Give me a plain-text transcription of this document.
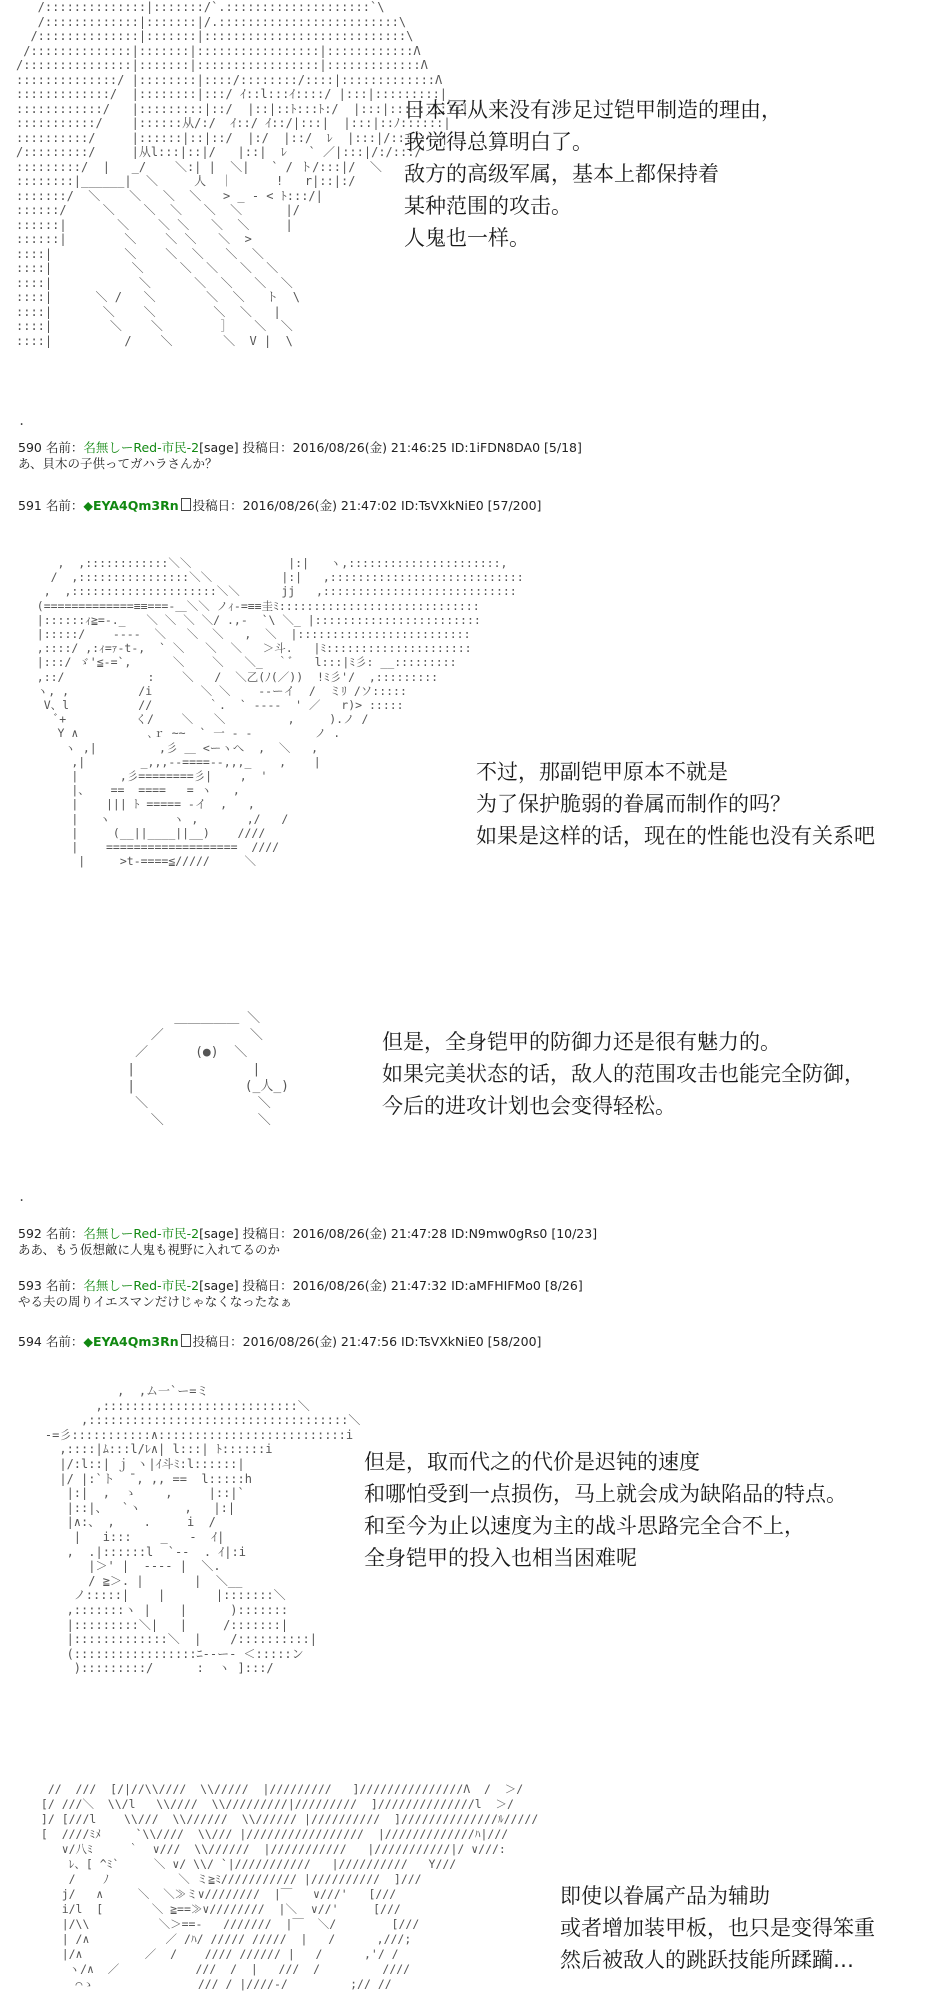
/::::::::::::::|:::::::/`.::::::::::::::::::::`\
/:::::::::::::|:::::::|/.:::::::::::::::::::::::::\
/::::::::::::::|:::::::|::::::::::::::::::::::::::::\
/::::::::::::::|:::::::|:::::::::::::::::|::::::::::::Λ
/:::::::::::::::|:::::::|:::::::::::::::::|:::::::::::::Λ
::::::::::::::/ |::::::::|::::/::::::::/::::|:::::::::::::Λ
:::::::::::::/  |::::::::|:::/ ｲ::l:::ｲ::::/ |:::|:::::::::|
::::::::::::/   |:::::::::|::/  |::|::ﾄ:::ﾄ:/  |:::|::::::::::|
:::::::::::/    |::::::从/:/  ｲ::/ ｲ::/|:::|  |:::|::ﾉ::::::|
::::::::::/     |::::::|::|::/  |:/  |::/  ﾚ  |:::|/:::/:::|
/:::::::::/     |从l:::|::|/   |::|  ﾚ   ` ／|:::|/:/:::/
:::::::::/  |   _/    ＼:| |  ＼|   ` / ト/:::|/  ＼
::::::::|______|  ＼     人  ｜      !   r|::|:/
:::::::/  ＼    ＼   ＼  ＼   > _ - < ﾄ:::/|
::::::/     ＼    ＼  ＼   ＼  ＼      |/
::::::|       ＼    ＼ ＼   ＼  ＼     |
::::::|        ＼    ＼ ＼   ＼  >
::::|          ＼    ＼  ＼   ＼  ＼
::::|           ＼     ＼  ＼   ＼  ＼
::::|            ＼      ＼  ＼   ＼  ＼
::::|      ＼ /   ＼       ＼  ＼   ト  \
::::|       ＼    ＼        ＼  ＼   |
::::|        ＼    ＼        ］   ＼  ＼
::::|          /    ＼       ＼  V |  \
日本军从来没有涉足过铠甲制造的理由，
我觉得总算明白了。
敌方的高级军属，基本上都保持着
某种范围的攻击。
人鬼也一样。
.
590 名前：名無しーRed-市民-2[sage] 投稿日：2016/08/26(金) 21:46:25 ID:1iFDN8DA0 [5/18]
あ、貝木の子供ってガハラさんか？
591 名前：◆EYA4Qm3Rn 投稿日：2016/08/26(金) 21:47:02 ID:TsVXkNiE0 [57/200]
,  ,::::::::::::＼＼              |:|   ヽ,::::::::::::::::::::::,
/  ,::::::::::::::::＼＼          |:|   ,::::::::::::::::::::::::::::
,  ,:::::::::::::::::::::＼＼      jj   ,::::::::::::::::::::::::::::
(=============≡≡===-＿＼＼ ノｨ-=≡≡圭ﾐ:::::::::::::::::::::::::::::
|::::::ｨ≧=-._   ＼ ＼ ＼ ＼/ .,-  `\ ＼_ |::::::::::::::::::::::::
|:::::/    ----  ＼   ＼  ＼   ,  ＼  |:::::::::::::::::::::::::
,::::/ ,:ｨ=ｧ-t-,  ` ＼   ＼  ＼   ＞斗.   |ﾐ:::::::::::::::::::::
|:::/ ゞ'≦-=`,      ＼    ＼   ＼_  ｀ﾞ   l:::|ﾐ彡: __:::::::::
,::/            :    ＼   /  ＼乙(ﾉ(／))  !ﾐ彡'/  ,:::::::::
ヽ, ,          /i       ＼ ＼    --ーイ  /  ミﾘ /ソ:::::
V、l          //        ｀.  ` ----  ' ／   r)> :::::
ﾞ+          く/    ＼   ＼         ,     ).ノ /
Y ∧          ､ｒ ~~  ` 一 - -         ノ .
ヽ ,|         ,彡 ＿ <ーヽへ  ,  ＼   ,
,|        _,,,--====--,,,_    ,    |
|      ,彡========彡|    ,  '
|、   ==  ====   = ヽ   ,
|    ||| ﾄ ===== -イ  ,   ,
|   ヽ         ヽ ,       ,/   /
|     (__||____||__)    ////
|    ===================  ////
|     >t-====≦/////     ＼
不过，那副铠甲原本不就是
为了保护脆弱的眷属而制作的吗？
如果是这样的话，现在的性能也没有关系吧
＿＿＿＿＿ ＼
／           ＼
／      (●)  ＼
|               |
|              (_人_)
＼              ＼
＼            ＼
但是，全身铠甲的防御力还是很有魅力的。
如果完美状态的话，敌人的范围攻击也能完全防御，
今后的进攻计划也会变得轻松。
.
592 名前：名無しーRed-市民-2[sage] 投稿日：2016/08/26(金) 21:47:28 ID:N9mw0gRs0 [10/23]
ああ、もう仮想敵に人鬼も視野に入れてるのか
593 名前：名無しーRed-市民-2[sage] 投稿日：2016/08/26(金) 21:47:32 ID:aMFHIFMo0 [8/26]
やる夫の周りイエスマンだけじゃなくなったなぁ
594 名前：◆EYA4Qm3Rn 投稿日：2016/08/26(金) 21:47:56 ID:TsVXkNiE0 [58/200]
,  ,ム一`ー=ミ
,:::::::::::::::::::::::::::＼
,::::::::::::::::::::::::::::::::::::＼
-=彡:::::::::::∧::::::::::::::::::::::::::i
,::::|ﾑ:::l/ﾚ∧| l:::| ﾄ::::::i
|/:l::| ｊ ヽ|ｲ斗ﾐ:l::::::|
|/ |:`ト  ̄ , ,, ==  l:::::h
|:|  ,  ゝ    ,     |::|`
|::|、  `ヽ      ,   |:|
|∧:、 ,    .     i  /
|   i:::    _   -  ｲ|
,  .|::::::l  `--  . ｲ|:i
|＞' |  ---- |  ＼.
/ ≧＞. |       |  ＼__
ノ:::::|    |       |:::::::＼
,:::::::ヽ |    |      ):::::::
|:::::::::＼|   |     /:::::::|
|:::::::::::::＼  |    /::::::::::|
(:::::::::::::::::ﾆ-‐ー- ＜:::::ン
):::::::::/      :  ヽ ]:::/
但是，取而代之的代价是迟钝的速度
和哪怕受到一点损伤，马上就会成为缺陷品的特点。
和至今为止以速度为主的战斗思路完全合不上，
全身铠甲的投入也相当困难呢
//  ///  [/|//\\////  \\/////  |/////////   ]///////////////Λ  /  ＞/
[/ ///＼  \\/l   \\////  \\/////////|/////////  ]//////////////l  ＞/
]/ [///l    \\///  \\//////  \\////// |//////////  ]//////////////ﾙ/////
[  ////ﾐﾒ     `\\////  \\/// |/////////////////  |/////////////ﾊ|///
∨/八ﾐ     ｀  ∨///  \\//////  |///////////   |///////////|/ ∨///:
ﾚ、[ ^ﾐ`     ＼ ∨/ \\/ `|///////////   |//////////   Y///
/    ﾉ          ＼ ミ≧ﾐ/////////// |//////////  ]///
j/   ∧     ＼  ＼≫ミ∨////////  |￣   ∨///'   [///
i/l  [       ＼ ≧==≫∨////////  |＼  ∨//'     [///
|/\\          ＼＞==-   ///////  |￣  ＼/        [///
| /∧           ／ /ﾊ/ ///// /////  |   /      ,///;
|/∧         ／  /    //// ////// |   /      ,'/ /
ヽ/∧  ／           ///  /  |   ///  /         ////
⌒ゝ               /// / |////-/         ;// //
即使以眷属产品为辅助
或者增加装甲板，也只是变得笨重
然后被敌人的跳跃技能所蹂躏…
